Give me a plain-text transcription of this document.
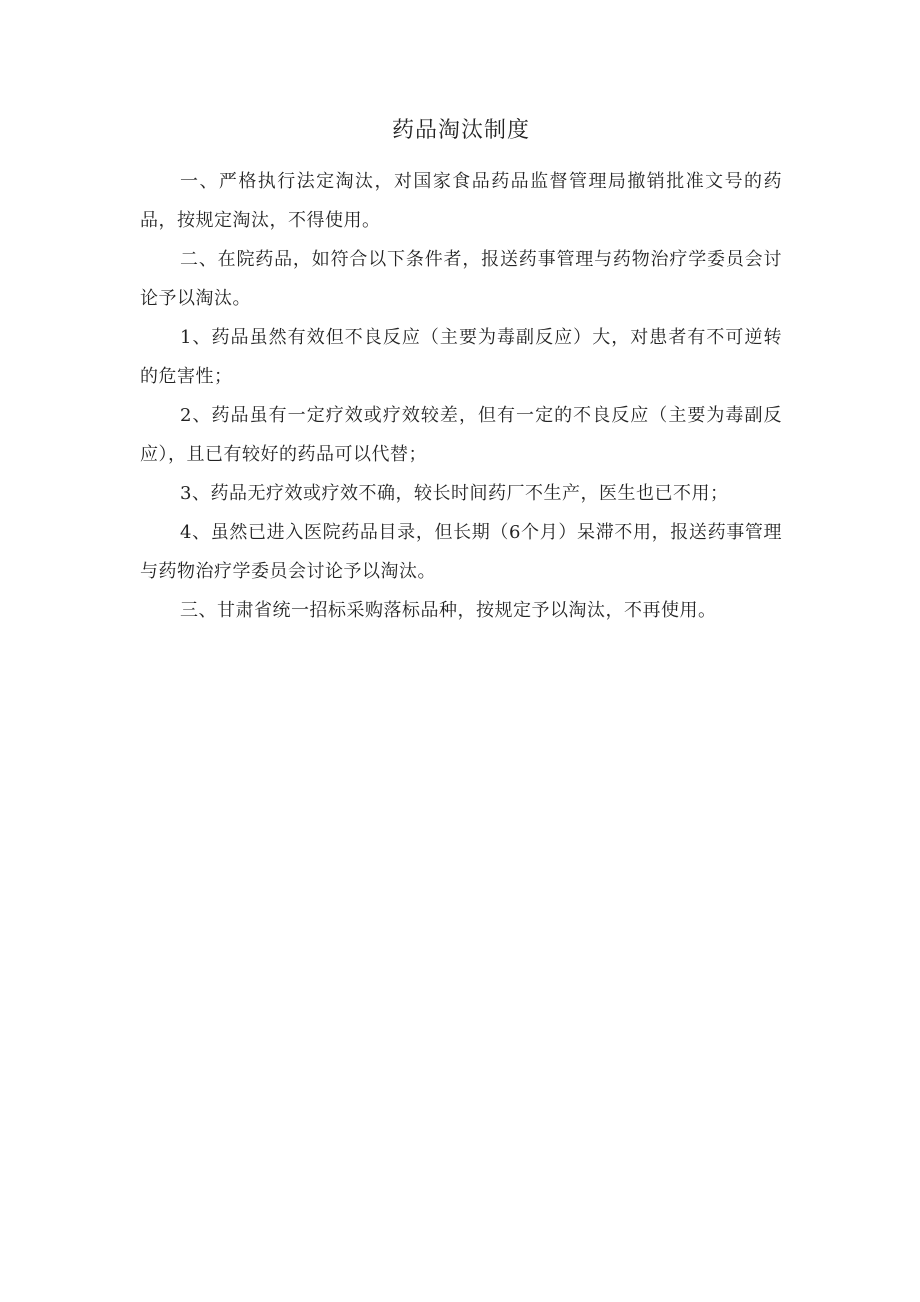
药品淘汰制度

一、严格执行法定淘汰，对国家食品药品监督管理局撤销批准文号的药品，按规定淘汰，不得使用。

二、在院药品，如符合以下条件者，报送药事管理与药物治疗学委员会讨论予以淘汰。

1、药品虽然有效但不良反应（主要为毒副反应）大，对患者有不可逆转的危害性；

2、药品虽有一定疗效或疗效较差，但有一定的不良反应（主要为毒副反应），且已有较好的药品可以代替；

3、药品无疗效或疗效不确，较长时间药厂不生产，医生也已不用；

4、虽然已进入医院药品目录，但长期（6个月）呆滞不用，报送药事管理与药物治疗学委员会讨论予以淘汰。

三、甘肃省统一招标采购落标品种，按规定予以淘汰，不再使用。
